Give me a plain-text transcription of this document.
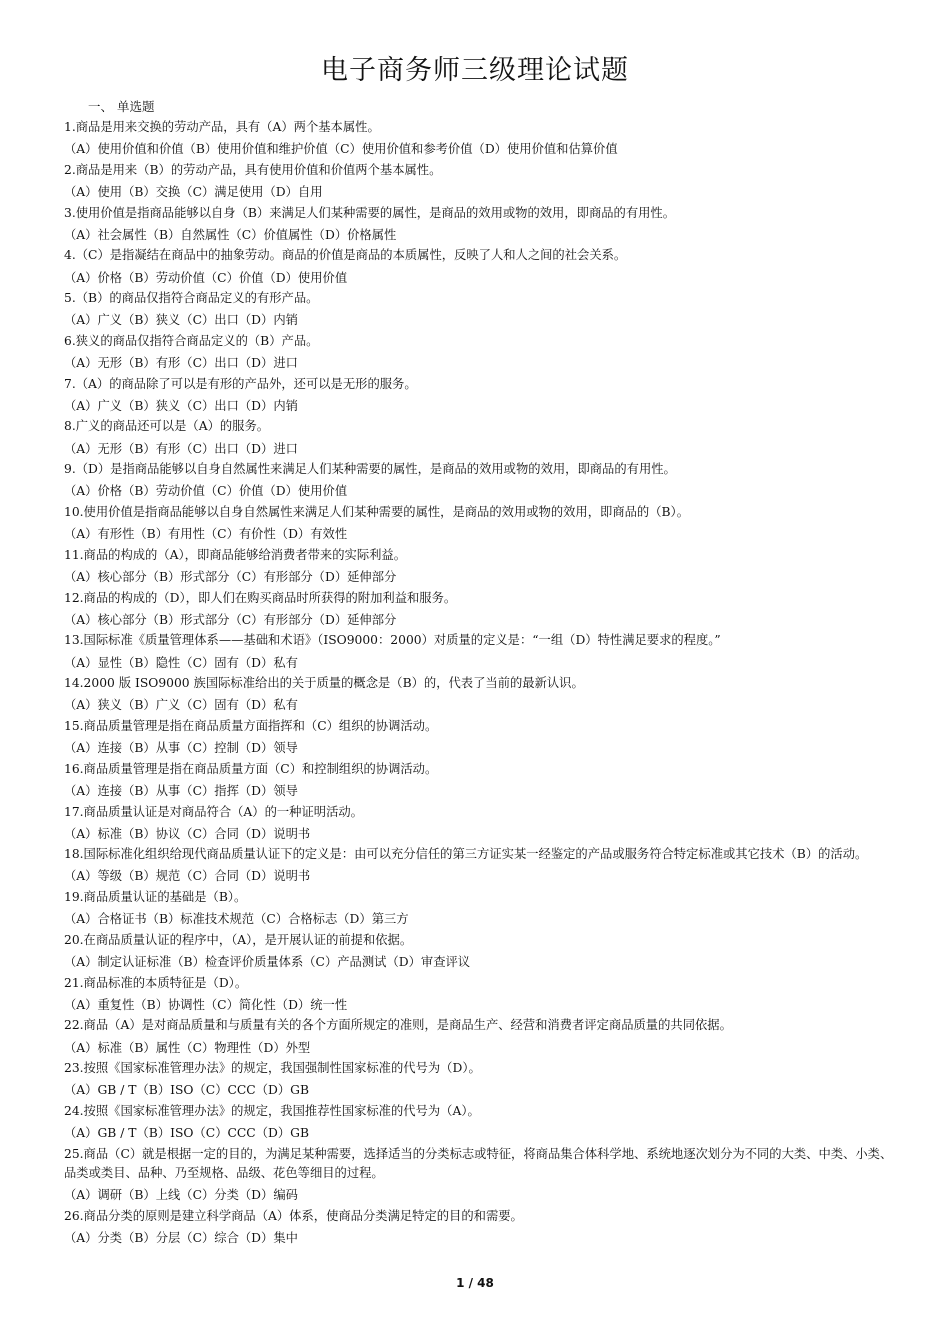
电子商务师三级理论试题
一、 单选题

1.商品是用来交换的劳动产品，具有（A）两个基本属性。

（A）使用价值和价值（B）使用价值和维护价值（C）使用价值和参考价值（D）使用价值和估算价值

2.商品是用来（B）的劳动产品，具有使用价值和价值两个基本属性。

（A）使用（B）交换（C）满足使用（D）自用

3.使用价值是指商品能够以自身（B）来满足人们某种需要的属性，是商品的效用或物的效用，即商品的有用性。

（A）社会属性（B）自然属性（C）价值属性（D）价格属性

4.（C）是指凝结在商品中的抽象劳动。商品的价值是商品的本质属性，反映了人和人之间的社会关系。

（A）价格（B）劳动价值（C）价值（D）使用价值

5.（B）的商品仅指符合商品定义的有形产品。

（A）广义（B）狭义（C）出口（D）内销

6.狭义的商品仅指符合商品定义的（B）产品。

（A）无形（B）有形（C）出口（D）进口

7.（A）的商品除了可以是有形的产品外，还可以是无形的服务。

（A）广义（B）狭义（C）出口（D）内销

8.广义的商品还可以是（A）的服务。

（A）无形（B）有形（C）出口（D）进口

9.（D）是指商品能够以自身自然属性来满足人们某种需要的属性，是商品的效用或物的效用，即商品的有用性。

（A）价格（B）劳动价值（C）价值（D）使用价值

10.使用价值是指商品能够以自身自然属性来满足人们某种需要的属性，是商品的效用或物的效用，即商品的（B）。

（A）有形性（B）有用性（C）有价性（D）有效性

11.商品的构成的（A），即商品能够给消费者带来的实际利益。

（A）核心部分（B）形式部分（C）有形部分（D）延伸部分

12.商品的构成的（D），即人们在购买商品时所获得的附加利益和服务。

（A）核心部分（B）形式部分（C）有形部分（D）延伸部分

13.国际标准《质量管理体系——基础和术语》（ISO9000：2000）对质量的定义是：“一组（D）特性满足要求的程度。”

（A）显性（B）隐性（C）固有（D）私有

14.2000 版 ISO9000 族国际标准给出的关于质量的概念是（B）的，代表了当前的最新认识。

（A）狭义（B）广义（C）固有（D）私有

15.商品质量管理是指在商品质量方面指挥和（C）组织的协调活动。

（A）连接（B）从事（C）控制（D）领导

16.商品质量管理是指在商品质量方面（C）和控制组织的协调活动。

（A）连接（B）从事（C）指挥（D）领导

17.商品质量认证是对商品符合（A）的一种证明活动。

（A）标准（B）协议（C）合同（D）说明书

18.国际标准化组织给现代商品质量认证下的定义是：由可以充分信任的第三方证实某一经鉴定的产品或服务符合特定标准或其它技术（B）的活动。

（A）等级（B）规范（C）合同（D）说明书

19.商品质量认证的基础是（B）。

（A）合格证书（B）标准技术规范（C）合格标志（D）第三方

20.在商品质量认证的程序中，（A），是开展认证的前提和依据。

（A）制定认证标准（B）检查评价质量体系（C）产品测试（D）审查评议

21.商品标准的本质特征是（D）。

（A）重复性（B）协调性（C）简化性（D）统一性

22.商品（A）是对商品质量和与质量有关的各个方面所规定的准则，是商品生产、经营和消费者评定商品质量的共同依据。

（A）标准（B）属性（C）物理性（D）外型

23.按照《国家标准管理办法》的规定，我国强制性国家标准的代号为（D）。

（A）GB / T（B）ISO（C）CCC（D）GB

24.按照《国家标准管理办法》的规定，我国推荐性国家标准的代号为（A）。

（A）GB / T（B）ISO（C）CCC（D）GB

25.商品（C）就是根据一定的目的，为满足某种需要，选择适当的分类标志或特征，将商品集合体科学地、系统地逐次划分为不同的大类、中类、小类、品类或类目、品种、乃至规格、品级、花色等细目的过程。

（A）调研（B）上线（C）分类（D）编码

26.商品分类的原则是建立科学商品（A）体系，使商品分类满足特定的目的和需要。

（A）分类（B）分层（C）综合（D）集中

1 / 48
